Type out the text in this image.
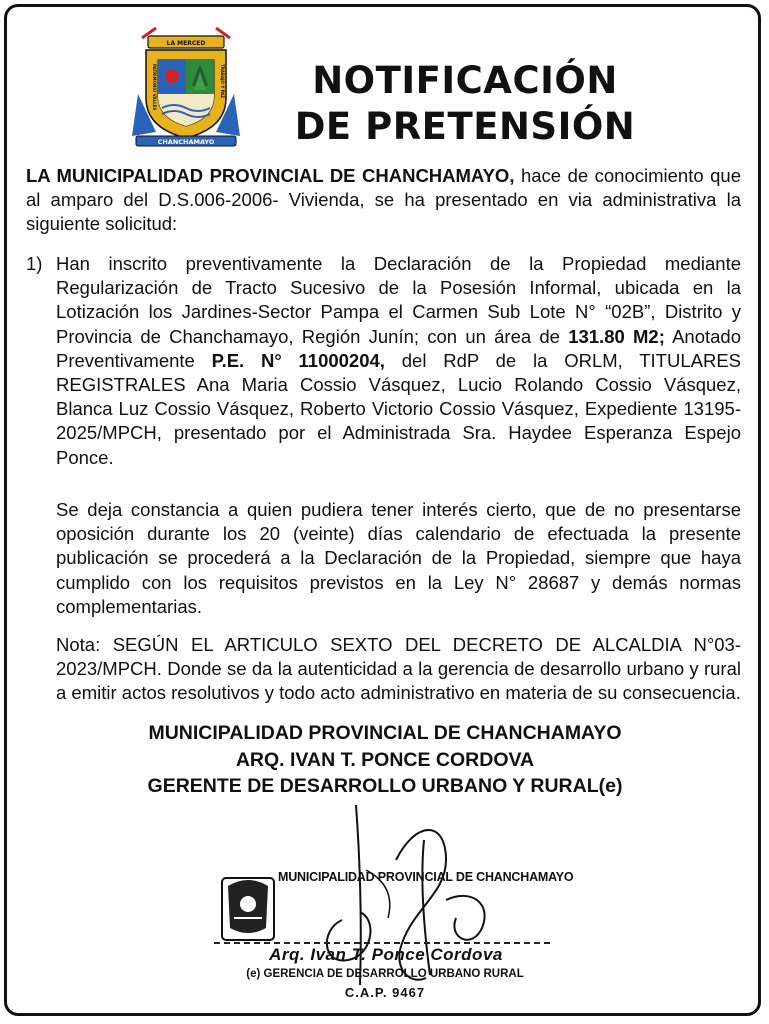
LA MERCED
CHANCHAMAYO
PATRIMONIO VALLES	TRABAJO Y PAZ	NOTIFICACIÓN
DE PRETENSIÓN

LA MUNICIPALIDAD PROVINCIAL DE CHANCHAMAYO, hace de conocimiento que al amparo del D.S.006-2006- Vivienda, se ha presentado en via administrativa la siguiente solicitud:

1) Han inscrito preventivamente la Declaración de la Propiedad mediante Regularización de Tracto Sucesivo de la Posesión Informal, ubicada en la Lotización los Jardines-Sector Pampa el Carmen Sub Lote N° “02B”, Distrito y Provincia de Chanchamayo, Región Junín; con un área de 131.80 M2; Anotado Preventivamente P.E. N° 11000204, del RdP de la ORLM, TITULARES REGISTRALES Ana Maria Cossio Vásquez, Lucio Rolando Cossio Vásquez, Blanca Luz Cossio Vásquez, Roberto Victorio Cossio Vásquez, Expediente 13195- 2025/MPCH, presentado por el Administrada Sra. Haydee Esperanza Espejo Ponce.

Se deja constancia a quien pudiera tener interés cierto, que de no presentarse oposición durante los 20 (veinte) días calendario de efectuada la presente publicación se procederá a la Declaración de la Propiedad, siempre que haya cumplido con los requisitos previstos en la Ley N° 28687 y demás normas complementarias.

Nota: SEGÚN EL ARTICULO SEXTO DEL DECRETO DE ALCALDIA N°03-2023/MPCH. Donde se da la autenticidad a la gerencia de desarrollo urbano y rural a emitir actos resolutivos y todo acto administrativo en materia de su consecuencia.

MUNICIPALIDAD PROVINCIAL DE CHANCHAMAYO
ARQ. IVAN T. PONCE CORDOVA
GERENTE DE DESARROLLO URBANO Y RURAL(e)
MUNICIPALIDAD PROVINCIAL DE CHANCHAMAYO
Arq. Ivan T. Ponce Cordova
(e) GERENCIA DE DESARROLLO URBANO RURAL
C.A.P. 9467
